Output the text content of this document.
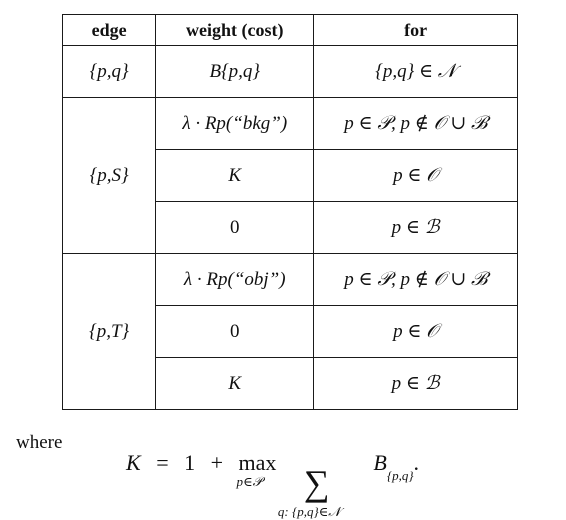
edge	weight (cost)	for
{p,q}	B{p,q}	{p,q} ∈ 𝒩
{p,S}	λ · Rp(“bkg”)	p ∈ 𝒫, p ∉ 𝒪 ∪ ℬ
	K	p ∈ 𝒪
	0	p ∈ ℬ
{p,T}	λ · Rp(“obj”)	p ∈ 𝒫, p ∉ 𝒪 ∪ ℬ
	0	p ∈ 𝒪
	K	p ∈ ℬ
where
K = 1 + max
p∈𝒫
∑
q: {p,q}∈𝒩
$B_{\{p,q\}}$.
